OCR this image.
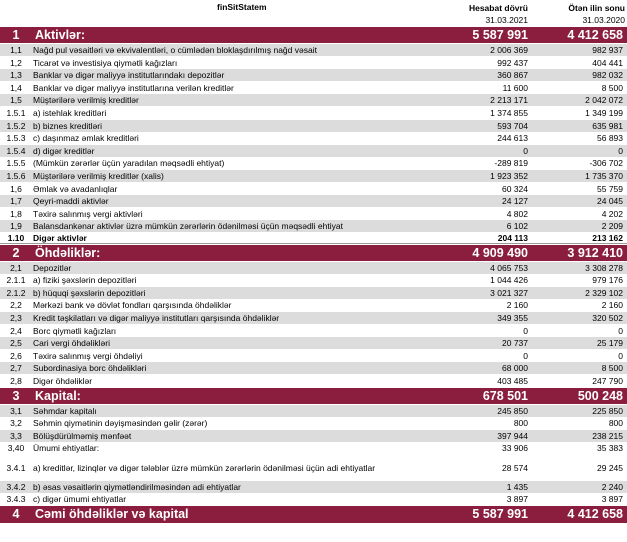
finSitStatem	Hesabat dövrü
31.03.2021
Ötən ilin sonu
31.03.2020
1	Aktivlər:	5 587 991	4 412 658
1,1	Nağd pul vəsaitləri və ekvivalentləri, o cümlədən bloklaşdırılmış nağd vəsait	2 006 369	982 937
1,2	Ticarət və investisiya qiymətli kağızları	992 437	404 441
1,3	Banklar və digər maliyyə institutlarındakı depozitlər	360 867	982 032
1,4	Banklar və digər maliyyə institutlarına verilən kreditlər	11 600	8 500
1,5	Müştərilərə verilmiş kreditlər	2 213 171	2 042 072
1.5.1 a) istehlak kreditləri	1 374 855	1 349 199
1.5.2 b) biznes kreditləri	593 704	635 981
1.5.3 c) daşınmaz əmlak kreditləri	244 613	56 893
1.5.4 d) digər kreditlər	0	0
1.5.5 (Mümkün zərərlər üçün yaradılan məqsədli ehtiyat)	-289 819	-306 702
1.5.6 Müştərilərə verilmiş kreditlər (xalis)	1 923 352	1 735 370
1,6	Əmlak və avadanlıqlar	60 324	55 759
1,7	Qeyri-maddi aktivlər	24 127	24 045
1,8	Təxirə salınmış vergi aktivləri	4 802	4 202
1,9	Balansdankənar aktivlər üzrə mümkün zərərlərin ödənilməsi üçün məqsədli ehtiyat	6 102	2 209
1.10	Digər aktivlər	204 113	213 162
2	Öhdəliklər:	4 909 490	3 912 410
2,1	Depozitlər	4 065 753	3 308 278
2.1.1 a) fiziki şəxslərin depozitləri	1 044 426	979 176
2.1.2 b) hüquqi şəxslərin depozitləri	3 021 327	2 329 102
2,2	Mərkəzi bank və dövlət fondları qarşısında öhdəliklər	2 160	2 160
2,3	Kredit təşkilatları və digər maliyyə institutları qarşısında öhdəliklər	349 355	320 502
2,4	Borc qiymətli kağızları	0	0
2,5	Cari vergi öhdəlikləri	20 737	25 179
2,6	Təxirə salınmış vergi öhdəliyi	0	0
2,7	Subordinasiya borc öhdəlikləri	68 000	8 500
2,8	Digər öhdəliklər	403 485	247 790
3	Kapital:	678 501	500 248
3,1	Səhmdar kapitalı	245 850	225 850
3,2	Səhmin qiymətinin dəyişməsindən gəlir (zərər)	800	800
3,3	Bölüşdürülməmiş mənfəət	397 944	238 215
3,40	Ümumi ehtiyatlar:	33 906	35 383
3.4.1 a) kreditlər, lizinqlər və digər tələblər üzrə mümkün zərərlərin ödənilməsi üçün adi ehtiyatlar	28 574	29 245
3.4.2 b) əsas vəsaitlərin qiymətləndirilməsindən adi ehtiyatlar	1 435	2 240
3.4.3 c) digər ümumi ehtiyatlar	3 897	3 897
4	Cəmi öhdəliklər və kapital	5 587 991	4 412 658
